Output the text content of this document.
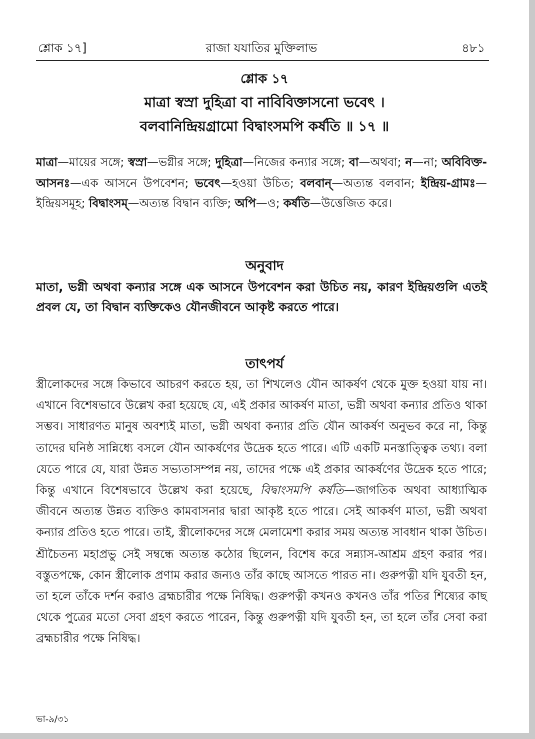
শ্লোক ১৭]	রাজা যযাতির মুক্তিলাভ	৪৮১
শ্লোক ১৭
মাত্রা স্বস্রা দুহিত্রা বা নাবিবিক্তাসনো ভবেৎ ।
বলবানিন্দ্রিয়গ্রামো বিদ্বাংসমপি কর্ষতি ॥ ১৭ ॥
মাত্রা—মায়ের সঙ্গে; স্বস্রা—ভগ্নীর সঙ্গে; দুহিত্রা—নিজের কন্যার সঙ্গে; বা—অথবা; ন—না; অবিবিক্ত-আসনঃ—এক আসনে উপবেশন; ভবেৎ—হওয়া উচিত; বলবান্—অত্যন্ত বলবান; ইন্দ্রিয়-গ্রামঃ—ইন্দ্রিয়সমূহ; বিদ্বাংসম্—অত্যন্ত বিদ্বান ব্যক্তি; অপি—ও; কর্ষতি—উত্তেজিত করে।
অনুবাদ
মাতা, ভগ্নী অথবা কন্যার সঙ্গে এক আসনে উপবেশন করা উচিত নয়, কারণ ইন্দ্রিয়গুলি এতই প্রবল যে, তা বিদ্বান ব্যক্তিকেও যৌনজীবনে আকৃষ্ট করতে পারে।
তাৎপর্য
স্ত্রীলোকদের সঙ্গে কিভাবে আচরণ করতে হয়, তা শিখলেও যৌন আকর্ষণ থেকে মুক্ত হওয়া যায় না। এখানে বিশেষভাবে উল্লেখ করা হয়েছে যে, এই প্রকার আকর্ষণ মাতা, ভগ্নী অথবা কন্যার প্রতিও থাকা সম্ভব। সাধারণত মানুষ অবশ্যই মাতা, ভগ্নী অথবা কন্যার প্রতি যৌন আকর্ষণ অনুভব করে না, কিন্তু তাদের ঘনিষ্ঠ সান্নিধ্যে বসলে যৌন আকর্ষণের উদ্রেক হতে পারে। এটি একটি মনস্তাত্ত্বিক তথ্য। বলা যেতে পারে যে, যারা উন্নত সভ্যতাসম্পন্ন নয়, তাদের পক্ষে এই প্রকার আকর্ষণের উদ্রেক হতে পারে; কিন্তু এখানে বিশেষভাবে উল্লেখ করা হয়েছে, বিদ্বাংসমপি কর্ষতি—জাগতিক অথবা আধ্যাত্মিক জীবনে অত্যন্ত উন্নত ব্যক্তিও কামবাসনার দ্বারা আকৃষ্ট হতে পারে। সেই আকর্ষণ মাতা, ভগ্নী অথবা কন্যার প্রতিও হতে পারে। তাই, স্ত্রীলোকদের সঙ্গে মেলামেশা করার সময় অত্যন্ত সাবধান থাকা উচিত। শ্রীচৈতন্য মহাপ্রভু সেই সম্বন্ধে অত্যন্ত কঠোর ছিলেন, বিশেষ করে সন্ন্যাস-আশ্রম গ্রহণ করার পর। বস্তুতপক্ষে, কোন স্ত্রীলোক প্রণাম করার জন্যও তাঁর কাছে আসতে পারত না। গুরুপত্নী যদি যুবতী হন, তা হলে তাঁকে দর্শন করাও ব্রহ্মচারীর পক্ষে নিষিদ্ধ। গুরুপত্নী কখনও কখনও তাঁর পতির শিষ্যের কাছ থেকে পুত্রের মতো সেবা গ্রহণ করতে পারেন, কিন্তু গুরুপত্নী যদি যুবতী হন, তা হলে তাঁর সেবা করা ব্রহ্মচারীর পক্ষে নিষিদ্ধ।
ভা-৯/৩১
